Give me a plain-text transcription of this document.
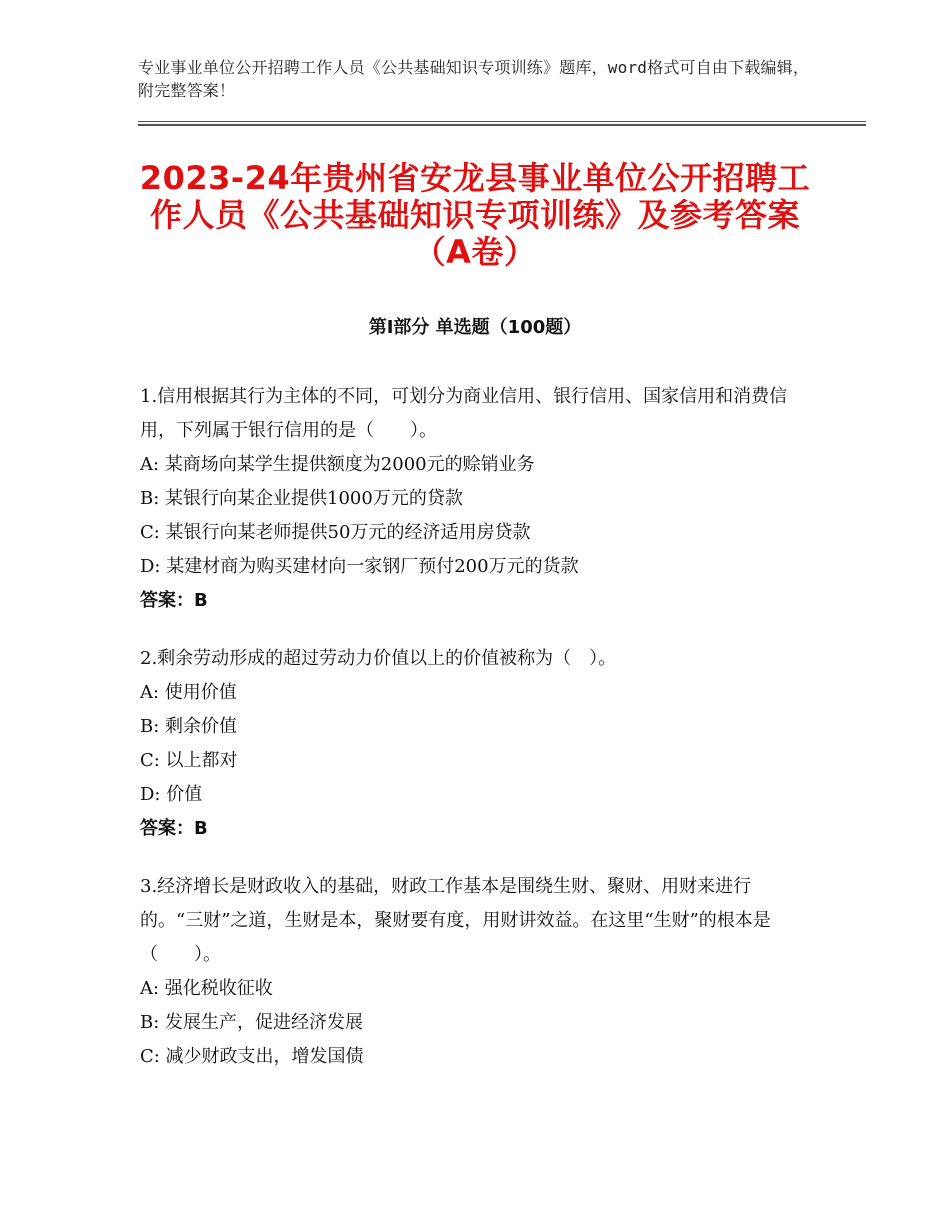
专业事业单位公开招聘工作人员《公共基础知识专项训练》题库，word格式可自由下载编辑，附完整答案！
2023-24年贵州省安龙县事业单位公开招聘工作人员《公共基础知识专项训练》及参考答案（A卷）
第Ⅰ部分 单选题（100题）

1.信用根据其行为主体的不同，可划分为商业信用、银行信用、国家信用和消费信用，下列属于银行信用的是（　　）。

A: 某商场向某学生提供额度为2000元的赊销业务

B: 某银行向某企业提供1000万元的贷款

C: 某银行向某老师提供50万元的经济适用房贷款

D: 某建材商为购买建材向一家钢厂预付200万元的货款

答案：B

2.剩余劳动形成的超过劳动力价值以上的价值被称为（　）。

A: 使用价值

B: 剩余价值

C: 以上都对

D: 价值

答案：B

3.经济增长是财政收入的基础，财政工作基本是围绕生财、聚财、用财来进行的。“三财”之道，生财是本，聚财要有度，用财讲效益。在这里“生财”的根本是（　　）。

A: 强化税收征收

B: 发展生产，促进经济发展

C: 减少财政支出，增发国债
